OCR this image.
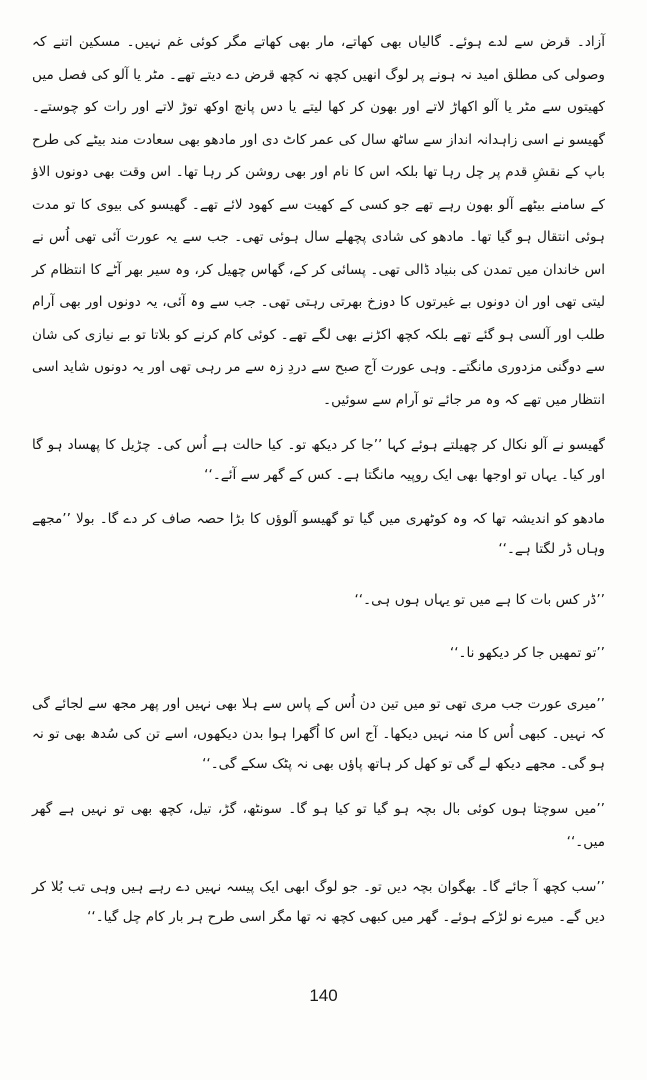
آزاد۔ قرض سے لدے ہوئے۔ گالیاں بھی کھاتے، مار بھی کھاتے مگر کوئی غم نہیں۔ مسکین اتنے کہ وصولی کی مطلق امید نہ ہونے پر لوگ انھیں کچھ نہ کچھ قرض دے دیتے تھے۔ مٹر یا آلو کی فصل میں کھیتوں سے مٹر یا آلو اکھاڑ لاتے اور بھون کر کھا لیتے یا دس پانچ اوکھ توڑ لاتے اور رات کو چوستے۔ گھیسو نے اسی زاہدانہ انداز سے ساٹھ سال کی عمر کاٹ دی اور مادھو بھی سعادت مند بیٹے کی طرح باپ کے نقشِ قدم پر چل رہا تھا بلکہ اس کا نام اور بھی روشن کر رہا تھا۔ اس وقت بھی دونوں الاؤ کے سامنے بیٹھے آلو بھون رہے تھے جو کسی کے کھیت سے کھود لائے تھے۔ گھیسو کی بیوی کا تو مدت ہوئی انتقال ہو گیا تھا۔ مادھو کی شادی پچھلے سال ہوئی تھی۔ جب سے یہ عورت آئی تھی اُس نے اس خاندان میں تمدن کی بنیاد ڈالی تھی۔ پسائی کر کے، گھاس چھیل کر، وہ سیر بھر آٹے کا انتظام کر لیتی تھی اور ان دونوں بے غیرتوں کا دوزخ بھرتی رہتی تھی۔ جب سے وہ آئی، یہ دونوں اور بھی آرام طلب اور آلسی ہو گئے تھے بلکہ کچھ اکڑنے بھی لگے تھے۔ کوئی کام کرنے کو بلاتا تو بے نیازی کی شان سے دوگنی مزدوری مانگتے۔ وہی عورت آج صبح سے دردِ زہ سے مر رہی تھی اور یہ دونوں شاید اسی انتظار میں تھے کہ وہ مر جائے تو آرام سے سوئیں۔

گھیسو نے آلو نکال کر چھیلتے ہوئے کہا ’’جا کر دیکھ تو۔ کیا حالت ہے اُس کی۔ چڑیل کا پھساد ہو گا اور کیا۔ یہاں تو اوجھا بھی ایک روپیہ مانگتا ہے۔ کس کے گھر سے آئے۔‘‘

مادھو کو اندیشہ تھا کہ وہ کوٹھری میں گیا تو گھیسو آلوؤں کا بڑا حصہ صاف کر دے گا۔ بولا ’’مجھے وہاں ڈر لگتا ہے۔‘‘

’’ڈر کس بات کا ہے میں تو یہاں ہوں ہی۔‘‘

’’تو تمھیں جا کر دیکھو نا۔‘‘

’’میری عورت جب مری تھی تو میں تین دن اُس کے پاس سے ہلا بھی نہیں اور پھر مجھ سے لجائے گی کہ نہیں۔ کبھی اُس کا منہ نہیں دیکھا۔ آج اس کا اُگھرا ہوا بدن دیکھوں، اسے تن کی سُدھ بھی تو نہ ہو گی۔ مجھے دیکھ لے گی تو کھل کر ہاتھ پاؤں بھی نہ پٹک سکے گی۔‘‘

’’میں سوچتا ہوں کوئی بال بچہ ہو گیا تو کیا ہو گا۔ سونٹھ، گڑ، تیل، کچھ بھی تو نہیں ہے گھر میں۔‘‘

’’سب کچھ آ جائے گا۔ بھگوان بچہ دیں تو۔ جو لوگ ابھی ایک پیسہ نہیں دے رہے ہیں وہی تب بُلا کر دیں گے۔ میرے نو لڑکے ہوئے۔ گھر میں کبھی کچھ نہ تھا مگر اسی طرح ہر بار کام چل گیا۔‘‘

140
